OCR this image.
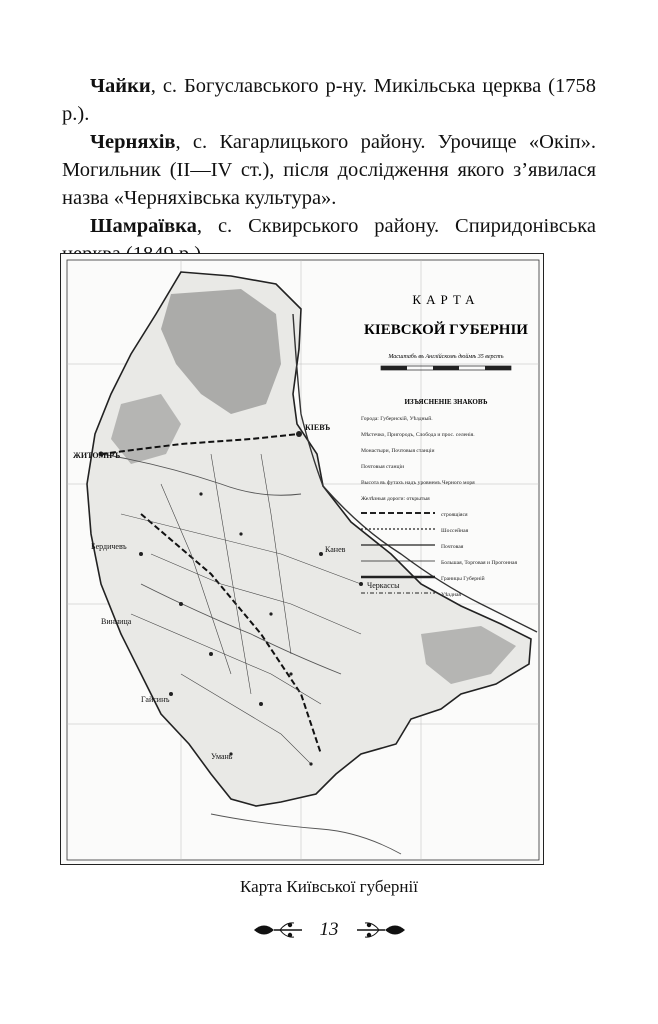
Чайки, с. Богуславського р-ну. Микільська церква (1758 р.).

Черняхів, с. Кагарлицького району. Урочище «Окіп». Могильник (II—IV ст.), після дослідження якого з’явилася назва «Черняхівська культура».

Шамраївка, с. Сквирського району. Спиридонівська

КІЕВЪ
ЖИТОМІРЪ
Бердичевъ
Винница
Гайсинъ
Умань
Черкассы
Канев
КАРТА
КІЕВСКОЙ ГУБЕРНІИ
Масштабъ въ Англійскомъ дюймѣ 35 верстъ
ИЗЪЯСНЕНІЕ ЗНАКОВЪ
Города: Губернскій, Уѣздный.
Мѣстечко, Пригородъ, Слобода и прос. селенія.
Монастыри, Почтовыя станціи
Почтовыя станціи
Высота въ футахъ надъ уровнемъ Черного моря
Желѣзныя дороги: открытыя
строящіяся
Шоссейная
Почтовая
Большая, Торговая и Прогонная
Границы Губерній
Уѣздная
Карта Київської губернії
13
